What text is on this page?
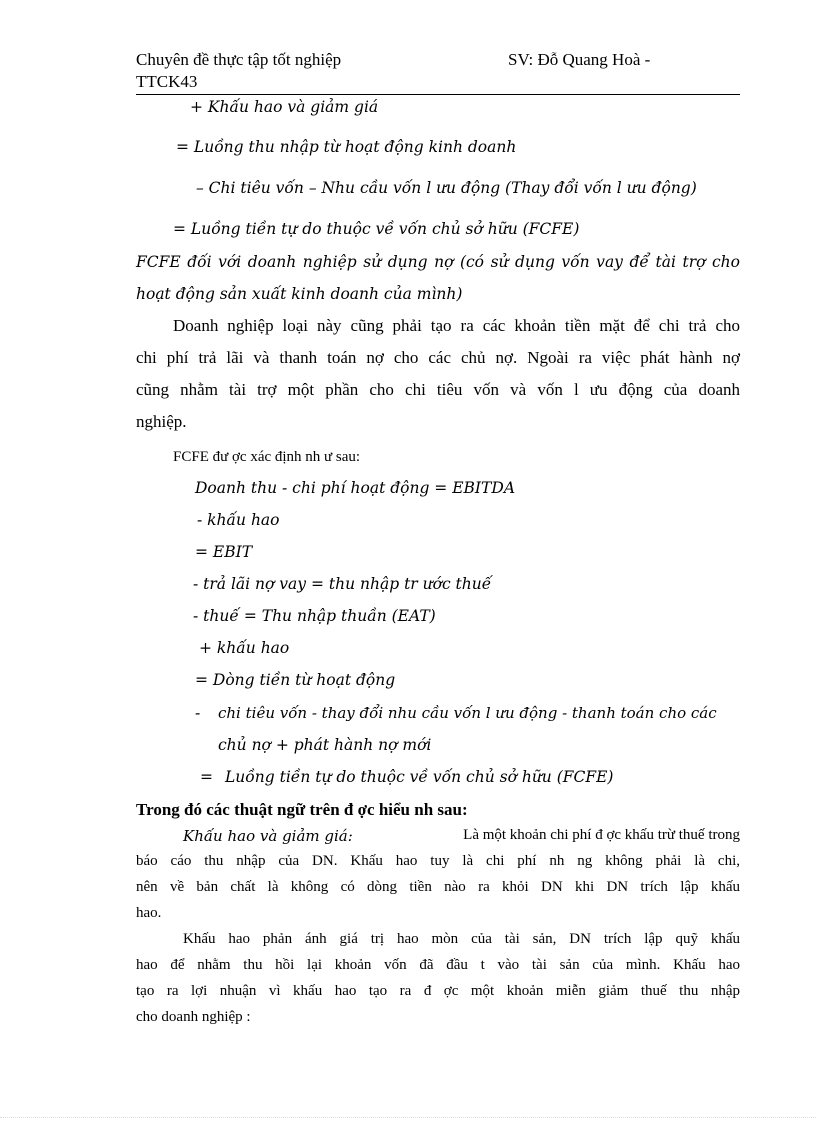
Chuyên đề thực tập tốt nghiệp	SV: Đỗ Quang Hoà -
TTCK43
+ Khấu hao và giảm giá
= Luồng thu nhập từ hoạt động kinh doanh
– Chi tiêu vốn – Nhu cầu vốn l ưu động (Thay đổi vốn l ưu động)
= Luồng tiền tự do thuộc về vốn chủ sở hữu (FCFE)
FCFE đối với doanh nghiệp sử dụng nợ (có sử dụng vốn vay để tài trợ cho
hoạt động sản xuất kinh doanh của mình)
Doanh nghiệp loại này cũng phải tạo ra các khoản tiền mặt để chi trả cho
chi phí trả lãi và thanh toán nợ cho các chủ nợ. Ngoài ra việc phát hành nợ
cũng nhằm tài trợ một phần cho chi tiêu vốn và vốn l ưu động của doanh
nghiệp.
FCFE đư ợc xác định nh ư sau:
Doanh thu - chi phí hoạt động = EBITDA
- khấu hao
= EBIT
- trả lãi nợ vay = thu nhập tr ước thuế
- thuế = Thu nhập thuần (EAT)
+ khấu hao
= Dòng tiền từ hoạt động
- chi tiêu vốn - thay đổi nhu cầu vốn l ưu động - thanh toán cho các
chủ nợ + phát hành nợ mới
= Luồng tiền tự do thuộc về vốn chủ sở hữu (FCFE)
Trong đó các thuật ngữ trên đ ợc hiểu nh sau:
Khấu hao và giảm giá:	Là một khoản chi phí đ ợc khấu trừ thuế trong
báo cáo thu nhập của DN. Khấu hao tuy là chi phí nh ng không phải là chi,
nên về bản chất là không có dòng tiền nào ra khỏi DN khi DN trích lập khấu
hao.
Khấu hao phản ánh giá trị hao mòn của tài sản, DN trích lập quỹ khấu
hao để nhằm thu hồi lại khoản vốn đã đầu t vào tài sản của mình. Khấu hao
tạo ra lợi nhuận vì khấu hao tạo ra đ ợc một khoản miễn giảm thuế thu nhập
cho doanh nghiệp :
